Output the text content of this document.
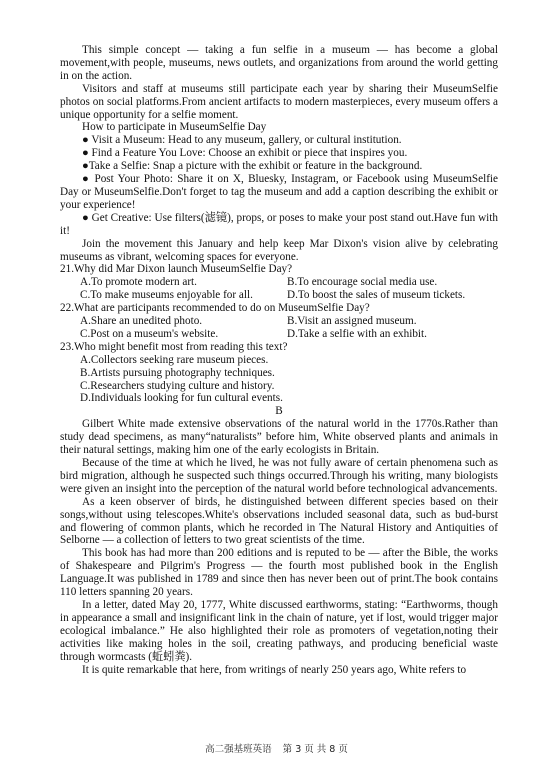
This simple concept — taking a fun selfie in a museum — has become a global movement,with people, museums, news outlets, and organizations from around the world getting in on the action.

Visitors and staff at museums still participate each year by sharing their MuseumSelfie photos on social platforms.From ancient artifacts to modern masterpieces, every museum offers a unique opportunity for a selfie moment.

How to participate in MuseumSelfie Day

● Visit a Museum: Head to any museum, gallery, or cultural institution.

● Find a Feature You Love: Choose an exhibit or piece that inspires you.

●Take a Selfie: Snap a picture with the exhibit or feature in the background.

● Post Your Photo: Share it on X, Bluesky, Instagram, or Facebook using MuseumSelfie Day or MuseumSelfie.Don't forget to tag the museum and add a caption describing the exhibit or your experience!

● Get Creative: Use filters(滤镜), props, or poses to make your post stand out.Have fun with it!

Join the movement this January and help keep Mar Dixon's vision alive by celebrating museums as vibrant, welcoming spaces for everyone.

21.Why did Mar Dixon launch MuseumSelfie Day?

A.To promote modern art.	B.To encourage social media use.
C.To make museums enjoyable for all.	D.To boost the sales of museum tickets.

22.What are participants recommended to do on MuseumSelfie Day?

A.Share an unedited photo.	B.Visit an assigned museum.
C.Post on a museum's website.	D.Take a selfie with an exhibit.

23.Who might benefit most from reading this text?

A.Collectors seeking rare museum pieces.
B.Artists pursuing photography techniques.
C.Researchers studying culture and history.
D.Individuals looking for fun cultural events.

B

Gilbert White made extensive observations of the natural world in the 1770s.Rather than study dead specimens, as many“naturalists” before him, White observed plants and animals in their natural settings, making him one of the early ecologists in Britain.

Because of the time at which he lived, he was not fully aware of certain phenomena such as bird migration, although he suspected such things occurred.Through his writing, many biologists were given an insight into the perception of the natural world before technological advancements.

As a keen observer of birds, he distinguished between different species based on their songs,without using telescopes.White's observations included seasonal data, such as bud-burst and flowering of common plants, which he recorded in The Natural History and Antiquities of Selborne — a collection of letters to two great scientists of the time.

This book has had more than 200 editions and is reputed to be — after the Bible, the works of Shakespeare and Pilgrim's Progress — the fourth most published book in the English Language.It was published in 1789 and since then has never been out of print.The book contains 110 letters spanning 20 years.

In a letter, dated May 20, 1777, White discussed earthworms, stating: “Earthworms, though in appearance a small and insignificant link in the chain of nature, yet if lost, would trigger major ecological imbalance.” He also highlighted their role as promoters of vegetation,noting their activities like making holes in the soil, creating pathways, and producing beneficial waste through wormcasts (蚯蚓粪).

It is quite remarkable that here, from writings of nearly 250 years ago, White refers to

高二强基班英语 第 3 页 共 8 页
